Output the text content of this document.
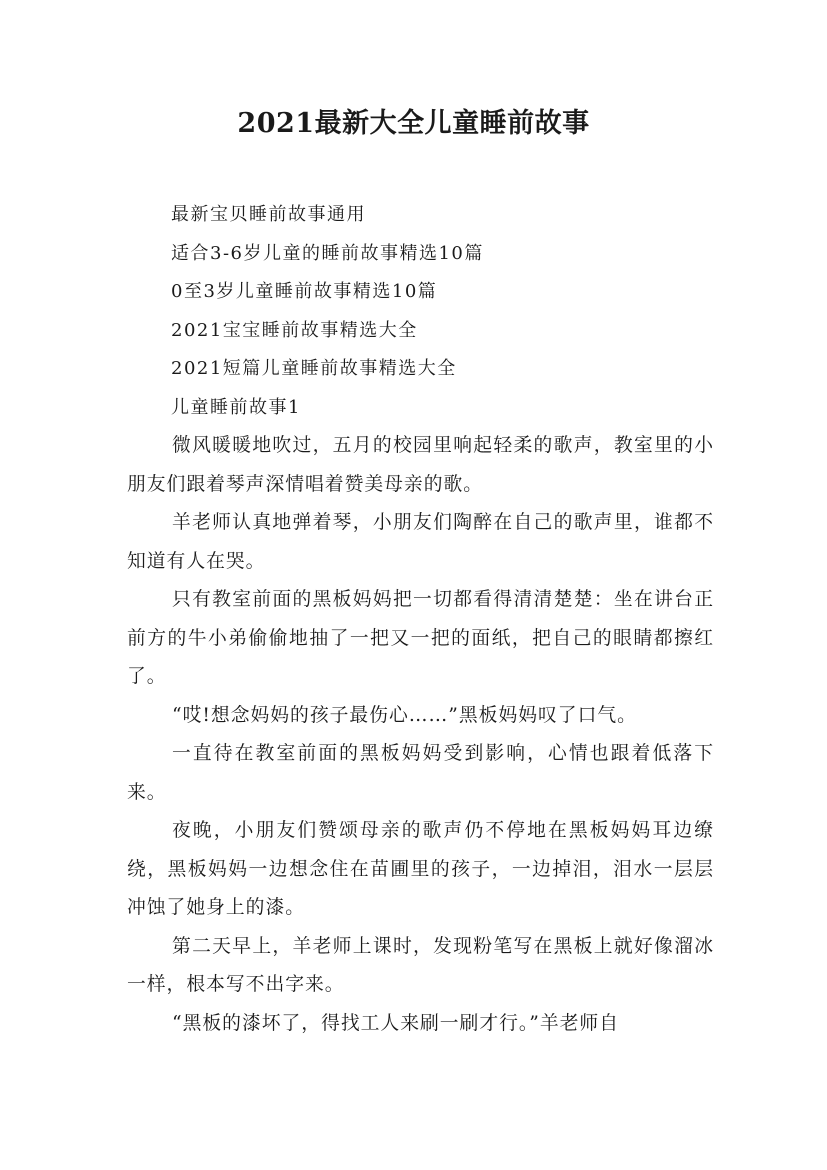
2021最新大全儿童睡前故事
最新宝贝睡前故事通用
适合3-6岁儿童的睡前故事精选10篇
0至3岁儿童睡前故事精选10篇
2021宝宝睡前故事精选大全
2021短篇儿童睡前故事精选大全
儿童睡前故事1

微风暖暖地吹过，五月的校园里响起轻柔的歌声，教室里的小朋友们跟着琴声深情唱着赞美母亲的歌。

羊老师认真地弹着琴，小朋友们陶醉在自己的歌声里，谁都不知道有人在哭。

只有教室前面的黑板妈妈把一切都看得清清楚楚：坐在讲台正前方的牛小弟偷偷地抽了一把又一把的面纸，把自己的眼睛都擦红了。

“哎!想念妈妈的孩子最伤心……”黑板妈妈叹了口气。

一直待在教室前面的黑板妈妈受到影响，心情也跟着低落下来。

夜晚，小朋友们赞颂母亲的歌声仍不停地在黑板妈妈耳边缭绕，黑板妈妈一边想念住在苗圃里的孩子，一边掉泪，泪水一层层冲蚀了她身上的漆。

第二天早上，羊老师上课时，发现粉笔写在黑板上就好像溜冰一样，根本写不出字来。

“黑板的漆坏了，得找工人来刷一刷才行。”羊老师自
